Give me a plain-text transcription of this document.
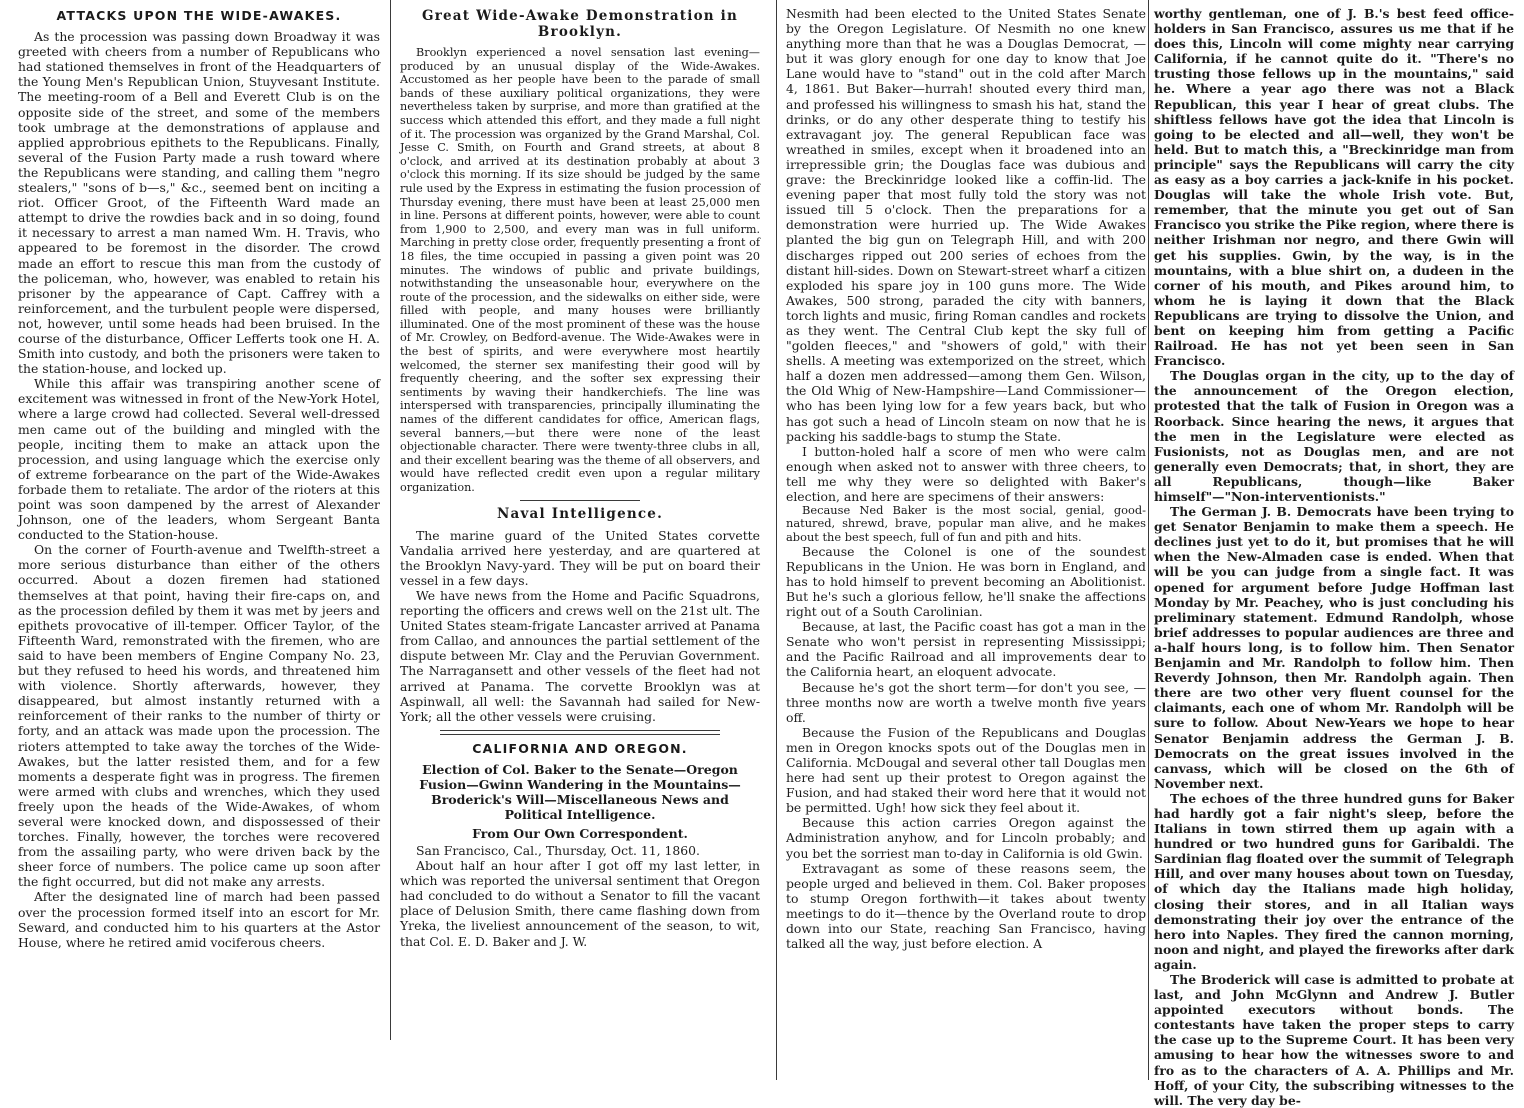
ATTACKS UPON THE WIDE-AWAKES.

As the procession was passing down Broadway it was greeted with cheers from a number of Republicans who had stationed themselves in front of the Headquarters of the Young Men's Republican Union, Stuyvesant Institute. The meeting-room of a Bell and Everett Club is on the opposite side of the street, and some of the members took umbrage at the demonstrations of applause and applied approbrious epithets to the Republicans. Finally, several of the Fusion Party made a rush toward where the Republicans were standing, and calling them "negro stealers," "sons of b—s," &c., seemed bent on inciting a riot. Officer Groot, of the Fifteenth Ward made an attempt to drive the rowdies back and in so doing, found it necessary to arrest a man named Wm. H. Travis, who appeared to be foremost in the disorder. The crowd made an effort to rescue this man from the custody of the policeman, who, however, was enabled to retain his prisoner by the appearance of Capt. Caffrey with a reinforcement, and the turbulent people were dispersed, not, however, until some heads had been bruised. In the course of the disturbance, Officer Lefferts took one H. A. Smith into custody, and both the prisoners were taken to the station-house, and locked up.

While this affair was transpiring another scene of excitement was witnessed in front of the New-York Hotel, where a large crowd had collected. Several well-dressed men came out of the building and mingled with the people, inciting them to make an attack upon the procession, and using language which the exercise only of extreme forbearance on the part of the Wide-Awakes forbade them to retaliate. The ardor of the rioters at this point was soon dampened by the arrest of Alexander Johnson, one of the leaders, whom Sergeant Banta conducted to the Station-house.

On the corner of Fourth-avenue and Twelfth-street a more serious disturbance than either of the others occurred. About a dozen firemen had stationed themselves at that point, having their fire-caps on, and as the procession defiled by them it was met by jeers and epithets provocative of ill-temper. Officer Taylor, of the Fifteenth Ward, remonstrated with the firemen, who are said to have been members of Engine Company No. 23, but they refused to heed his words, and threatened him with violence. Shortly afterwards, however, they disappeared, but almost instantly returned with a reinforcement of their ranks to the number of thirty or forty, and an attack was made upon the procession. The rioters attempted to take away the torches of the Wide-Awakes, but the latter resisted them, and for a few moments a desperate fight was in progress. The firemen were armed with clubs and wrenches, which they used freely upon the heads of the Wide-Awakes, of whom several were knocked down, and dispossessed of their torches. Finally, however, the torches were recovered from the assailing party, who were driven back by the sheer force of numbers. The police came up soon after the fight occurred, but did not make any arrests.

After the designated line of march had been passed over the procession formed itself into an escort for Mr. Seward, and conducted him to his quarters at the Astor House, where he retired amid vociferous cheers.

Great Wide-Awake Demonstration in Brooklyn.

Brooklyn experienced a novel sensation last evening—produced by an unusual display of the Wide-Awakes. Accustomed as her people have been to the parade of small bands of these auxiliary political organizations, they were nevertheless taken by surprise, and more than gratified at the success which attended this effort, and they made a full night of it. The procession was organized by the Grand Marshal, Col. Jesse C. Smith, on Fourth and Grand streets, at about 8 o'clock, and arrived at its destination probably at about 3 o'clock this morning. If its size should be judged by the same rule used by the Express in estimating the fusion procession of Thursday evening, there must have been at least 25,000 men in line. Persons at different points, however, were able to count from 1,900 to 2,500, and every man was in full uniform. Marching in pretty close order, frequently presenting a front of 18 files, the time occupied in passing a given point was 20 minutes. The windows of public and private buildings, notwithstanding the unseasonable hour, everywhere on the route of the procession, and the sidewalks on either side, were filled with people, and many houses were brilliantly illuminated. One of the most prominent of these was the house of Mr. Crowley, on Bedford-avenue. The Wide-Awakes were in the best of spirits, and were everywhere most heartily welcomed, the sterner sex manifesting their good will by frequently cheering, and the softer sex expressing their sentiments by waving their handkerchiefs. The line was interspersed with transparencies, principally illuminating the names of the different candidates for office, American flags, several banners,—but there were none of the least objectionable character. There were twenty-three clubs in all, and their excellent bearing was the theme of all observers, and would have reflected credit even upon a regular military organization.

Naval Intelligence.

The marine guard of the United States corvette Vandalia arrived here yesterday, and are quartered at the Brooklyn Navy-yard. They will be put on board their vessel in a few days.

We have news from the Home and Pacific Squadrons, reporting the officers and crews well on the 21st ult. The United States steam-frigate Lancaster arrived at Panama from Callao, and announces the partial settlement of the dispute between Mr. Clay and the Peruvian Government. The Narragansett and other vessels of the fleet had not arrived at Panama. The corvette Brooklyn was at Aspinwall, all well: the Savannah had sailed for New-York; all the other vessels were cruising.

CALIFORNIA AND OREGON.
Election of Col. Baker to the Senate—Oregon Fusion—Gwinn Wandering in the Mountains—Broderick's Will—Miscellaneous News and Political Intelligence.
From Our Own Correspondent.

San Francisco, Cal., Thursday, Oct. 11, 1860.

About half an hour after I got off my last letter, in which was reported the universal sentiment that Oregon had concluded to do without a Senator to fill the vacant place of Delusion Smith, there came flashing down from Yreka, the liveliest announcement of the season, to wit, that Col. E. D. Baker and J. W.

Nesmith had been elected to the United States Senate by the Oregon Legislature. Of Nesmith no one knew anything more than that he was a Douglas Democrat, —but it was glory enough for one day to know that Joe Lane would have to "stand" out in the cold after March 4, 1861. But Baker—hurrah! shouted every third man, and professed his willingness to smash his hat, stand the drinks, or do any other desperate thing to testify his extravagant joy. The general Republican face was wreathed in smiles, except when it broadened into an irrepressible grin; the Douglas face was dubious and grave: the Breckinridge looked like a coffin-lid. The evening paper that most fully told the story was not issued till 5 o'clock. Then the preparations for a demonstration were hurried up. The Wide Awakes planted the big gun on Telegraph Hill, and with 200 discharges ripped out 200 series of echoes from the distant hill-sides. Down on Stewart-street wharf a citizen exploded his spare joy in 100 guns more. The Wide Awakes, 500 strong, paraded the city with banners, torch lights and music, firing Roman candles and rockets as they went. The Central Club kept the sky full of "golden fleeces," and "showers of gold," with their shells. A meeting was extemporized on the street, which half a dozen men addressed—among them Gen. Wilson, the Old Whig of New-Hampshire—Land Commissioner—who has been lying low for a few years back, but who has got such a head of Lincoln steam on now that he is packing his saddle-bags to stump the State.

I button-holed half a score of men who were calm enough when asked not to answer with three cheers, to tell me why they were so delighted with Baker's election, and here are specimens of their answers:

Because Ned Baker is the most social, genial, good-natured, shrewd, brave, popular man alive, and he makes about the best speech, full of fun and pith and hits.

Because the Colonel is one of the soundest Republicans in the Union. He was born in England, and has to hold himself to prevent becoming an Abolitionist. But he's such a glorious fellow, he'll snake the affections right out of a South Carolinian.

Because, at last, the Pacific coast has got a man in the Senate who won't persist in representing Mississippi; and the Pacific Railroad and all improvements dear to the California heart, an eloquent advocate.

Because he's got the short term—for don't you see, —three months now are worth a twelve month five years off.

Because the Fusion of the Republicans and Douglas men in Oregon knocks spots out of the Douglas men in California. McDougal and several other tall Douglas men here had sent up their protest to Oregon against the Fusion, and had staked their word here that it would not be permitted. Ugh! how sick they feel about it.

Because this action carries Oregon against the Administration anyhow, and for Lincoln probably; and you bet the sorriest man to-day in California is old Gwin.

Extravagant as some of these reasons seem, the people urged and believed in them. Col. Baker proposes to stump Oregon forthwith—it takes about twenty meetings to do it—thence by the Overland route to drop down into our State, reaching San Francisco, having talked all the way, just before election. A

worthy gentleman, one of J. B.'s best feed office-holders in San Francisco, assures us me that if he does this, Lincoln will come mighty near carrying California, if he cannot quite do it. "There's no trusting those fellows up in the mountains," said he. Where a year ago there was not a Black Republican, this year I hear of great clubs. The shiftless fellows have got the idea that Lincoln is going to be elected and all—well, they won't be held. But to match this, a "Breckinridge man from principle" says the Republicans will carry the city as easy as a boy carries a jack-knife in his pocket. Douglas will take the whole Irish vote. But, remember, that the minute you get out of San Francisco you strike the Pike region, where there is neither Irishman nor negro, and there Gwin will get his supplies. Gwin, by the way, is in the mountains, with a blue shirt on, a dudeen in the corner of his mouth, and Pikes around him, to whom he is laying it down that the Black Republicans are trying to dissolve the Union, and bent on keeping him from getting a Pacific Railroad. He has not yet been seen in San Francisco.

The Douglas organ in the city, up to the day of the announcement of the Oregon election, protested that the talk of Fusion in Oregon was a Roorback. Since hearing the news, it argues that the men in the Legislature were elected as Fusionists, not as Douglas men, and are not generally even Democrats; that, in short, they are all Republicans, though—like Baker himself"—"Non-interventionists."

The German J. B. Democrats have been trying to get Senator Benjamin to make them a speech. He declines just yet to do it, but promises that he will when the New-Almaden case is ended. When that will be you can judge from a single fact. It was opened for argument before Judge Hoffman last Monday by Mr. Peachey, who is just concluding his preliminary statement. Edmund Randolph, whose brief addresses to popular audiences are three and a-half hours long, is to follow him. Then Senator Benjamin and Mr. Randolph to follow him. Then Reverdy Johnson, then Mr. Randolph again. Then there are two other very fluent counsel for the claimants, each one of whom Mr. Randolph will be sure to follow. About New-Years we hope to hear Senator Benjamin address the German J. B. Democrats on the great issues involved in the canvass, which will be closed on the 6th of November next.

The echoes of the three hundred guns for Baker had hardly got a fair night's sleep, before the Italians in town stirred them up again with a hundred or two hundred guns for Garibaldi. The Sardinian flag floated over the summit of Telegraph Hill, and over many houses about town on Tuesday, of which day the Italians made high holiday, closing their stores, and in all Italian ways demonstrating their joy over the entrance of the hero into Naples. They fired the cannon morning, noon and night, and played the fireworks after dark again.

The Broderick will case is admitted to probate at last, and John McGlynn and Andrew J. Butler appointed executors without bonds. The contestants have taken the proper steps to carry the case up to the Supreme Court. It has been very amusing to hear how the witnesses swore to and fro as to the characters of A. A. Phillips and Mr. Hoff, of your City, the subscribing witnesses to the will. The very day be-
